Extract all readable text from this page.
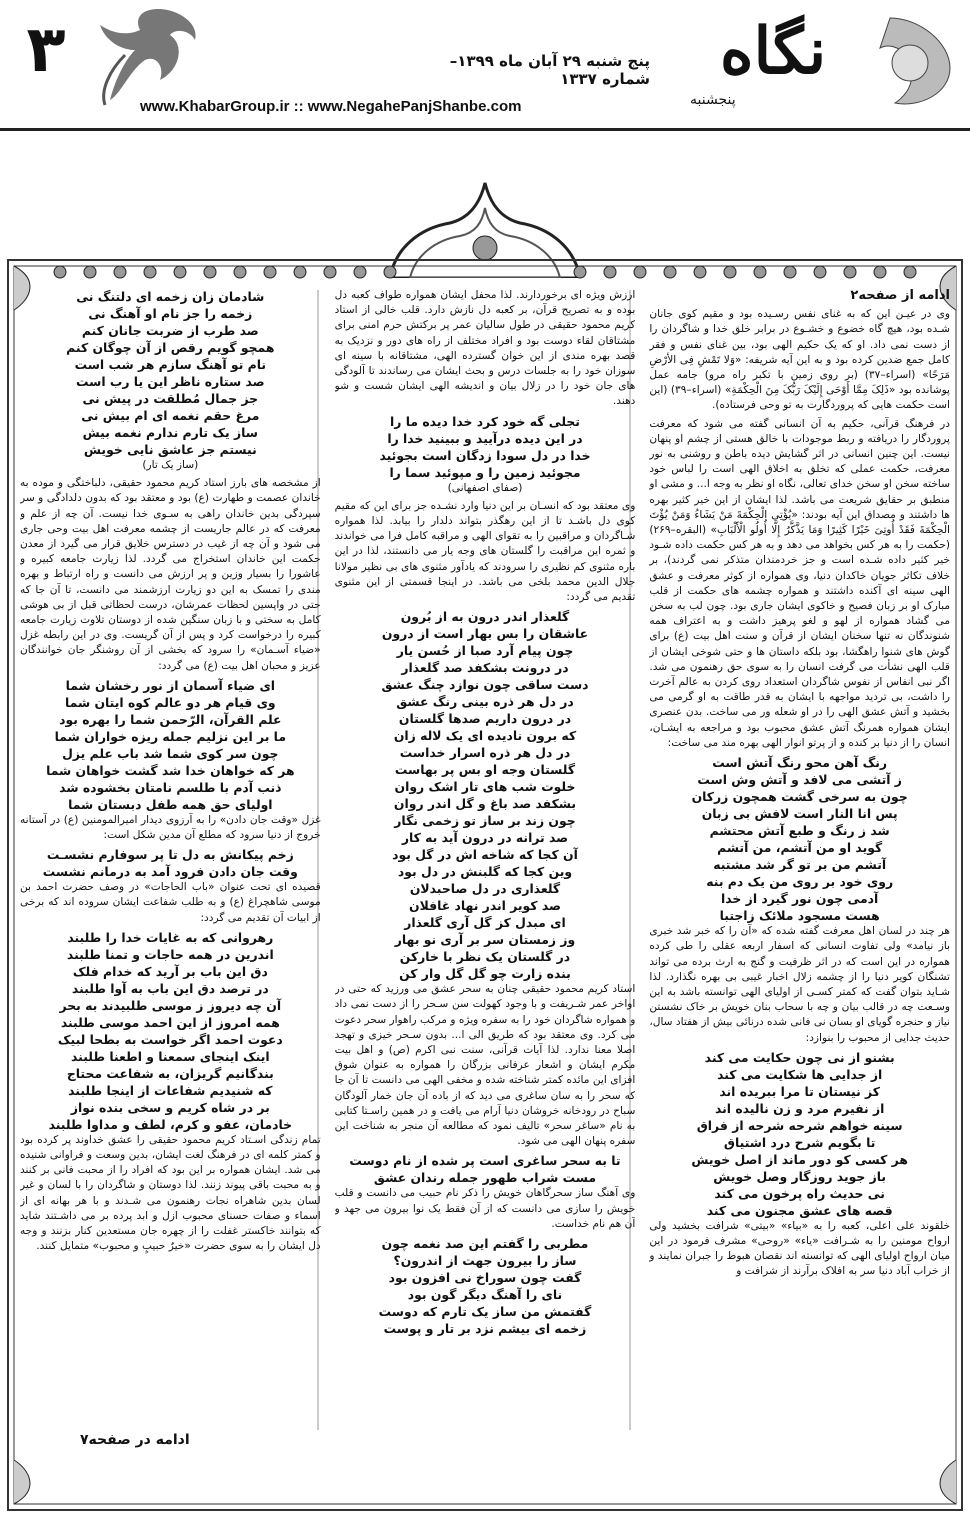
۳	پنج شنبه ۲۹ آبان ماه ۱۳۹۹– شماره ۱۳۳۷
www.KhabarGroup.ir :: www.NegahePanjShanbe.com
نگاه
پنجشنبه
ادامه از صفحه۲

وی در عیـن این که به غنای نفس رسـیده بود و مقیم کوی جانان شـده بود، هیچ گاه خضوع و خشـوع در برابر خلق خدا و شاگردان را از دست نمی داد. او که یک حکیم الهی بود، بین غنای نفس و فقر کامل جمع ضدین کرده بود و به این آیه شریفه: «وَلا تَمْشِ فِی الأرْضِ مَرَحًا» (اسراء–۳۷) (بر روی زمین با تکبر راه مرو) جامه عمل پوشانده بود «ذَلِکَ مِمَّا أَوْحَى إِلَيْکَ رَبُّکَ مِنَ الْحِکْمَةِ» (اسراء–۳۹) (این است حکمت هایی که پروردگارت به تو وحی فرستاده).

در فرهنگ قرآنی، حکیم به آن انسانی گفته می شود که معرفت پروردگار را دریافته و ربط موجودات با خالق هستی از چشم او پنهان نیست. این چنین انسانی در اثر گشایش دیده باطن و روشنی به نور معرفت، حکمت عملی که تخلق به اخلاق الهی است را لباس خود ساخته سخن او سخن خدای تعالی، نگاه او نظر به وجه ا... و مشی او منطبق بر حقایق شریعت می باشد. لذا ایشان از این خیر کثیر بهره ها داشتند و مصداق این آیه بودند: «یُؤْتِی الْحِکْمَةَ مَنْ یَشَاءُ وَمَنْ یُؤْتَ الْحِکْمَةَ فَقَدْ أُوتِیَ خَیْرًا کَثِیرًا وَمَا یَذَّکَّرُ إِلَّا أُولُو الْأَلْبَابِ» (البقره–۲۶۹) (حکمت را به هر کس بخواهد می دهد و به هر کس حکمت داده شـود خیر کثیر داده شـده است و جز خردمندان متذکر نمی گردند)، بر خلاف تکاثر جویان خاکدان دنیا، وی همواره از کوثر معرفت و عشق الهی سینه ای آکنده داشتند و همواره چشمه های حکمت از قلب مبارک او بر زبان فصیح و خاکوی ایشان جاری بود. چون لب به سخن می گشاد همواره از لهو و لغو پرهیز داشت و به اعتراف همه شنوندگان نه تنها سخنان ایشان از قرآن و سنت اهل بیت (ع) برای گوش های شنوا راهگشا، بود بلکه داستان ها و حتی شوخی ایشان از قلب الهی نشأت می گرفت انسان را به سوی حق رهنمون می شد. اگر نبی انفاس از نفوس شاگردان استعداد روی کردن به عالم آخرت را داشت، بی تردید مواجهه با ایشان به قدر طاقت به او گرمی می بخشید و آتش عشق الهی را در او شعله ور می ساخت. بدن عنصری ایشان همواره همرنگ آتش عشق محبوب بود و مراجعه به ایشـان، انسان را از دنیا بر کنده و از پرتو انوار الهی بهره مند می ساخت:

رنگ آهن محو رنگ آتش است

ز آتشی می لافد و آتش وش است

چون به سرخی گشت همچون زرکان

پس انا النار است لافش بی زبان

شد ز رنگ و طبع آتش محتشم

گوید او من آتشم، من آتشم

آتشم من بر تو گر شد مشتبه

روی خود بر روی من یک دم بنه

آدمی چون نور گیرد از خدا

هست مسجود ملائک زاجتبا

هر چند در لسان اهل معرفت گفته شده که «آن را که خبر شد خبری باز نیامد» ولی تفاوت انسانی که اسفار اربعه عقلی را طی کرده همواره در این است که در اثر ظرفیت و گنج به ارث برده می تواند تشنگان کویر دنیا را از چشمه زلال اخبار غیبی بی بهره نگذارد. لذا شـاید بتوان گفت که کمتر کسـی از اولیای الهی توانسته باشد به این وسـعت چه در قالب بیان و چه با سحاب بنان خویش بر خاک نشستن نیاز و حنجره گویای او بسان نی فانی شده درنائی بیش از هفتاد سال، حدیث جدایی از محبوب را بنوازد:

بشنو از نی چون حکایت می کند

از جدایی ها شکایت می کند

کز نیستان تا مرا ببریده اند

از نفیرم مرد و زن نالیده اند

سینه خواهم شرحه شرحه از فراق

تا بگویم شرح درد اشتیاق

هر کسی کو دور ماند از اصل خویش

باز جوید روزگار وصل خویش

نی حدیث راه پرخون می کند

قصه های عشق مجنون می کند

خلقوند علی اعلی، کعبه را به «بیاء» «بیتی» شرافت بخشید ولی ارواح مومنین را به شـرافت «یاء» «روحی» مشرف فرمود در این میان ارواح اولیای الهی که توانسته اند نقصان هبوط را جبران نمایند و از خراب آباد دنیا سر به افلاک برآرند از شرافت و

ارزش ویژه ای برخوردارند. لذا محفل ایشان همواره طواف کعبه دل بوده و به تصریح قرآن، بر کعبه دل نازش دارد. قلب خالی از استاد کریم محمود حقیقی در طول سالیان عمر پر برکتش حرم امنی برای مشتاقان لقاء دوست بود و افراد مختلف از راه های دور و نزدیک به قصد بهره مندی از این خوان گسترده الهی، مشتاقانه با سینه ای سوزان خود را به جلسات درس و بحث ایشان می رساندند تا آلودگی های جان خود را در زلال بیان و اندیشه الهی ایشان شست و شو دهند.

تجلی گه خود کرد خدا دیده ما را

در این دیده درآیید و ببینید خدا را

خدا در دل سودا زدگان است بجوئید

مجوئید زمین را و مپوئید سما را

(صفای اصفهانی)

وی معتقد بود که انسـان بر این دنیا وارد نشـده جز برای این که مقیم کوی دل باشـد تا از این رهگذر بتواند دلدار را بیابد. لذا همواره شـاگردان و مراقبین را به تقوای الهی و مراقبه کامل فرا می خواندند و ثمره این مراقبت را گلستان های وجه یار می دانستند، لذا در این باره مثنوی کم نظیری را سرودند که یادآور مثنوی های بی نظیر مولانا جلال الدین محمد بلخی می باشد. در اینجا قسمتی از این مثنوی تقدیم می گردد:

گلعذار اندر درون به از بُرون

عاشقان را بس بهار است از درون

چون پیام آرد صبا از حُسن یار

در درونت بشکفد صد گلعذار

دست ساقی چون نوازد چنگ عشق

در دل هر ذره بینی رنگ عشق

در درون داریم صدها گلستان

که برون نادیده ای یک لاله زان

در دل هر ذره اسرار خداست

گلستان وجه او بس پر بهاست

خلوت شب های تار اشک روان

بشکفد صد باغ و گل اندر روان

چون زند بر ساز تو زخمی نگار

صد ترانه در درون آید به کار

آن کجا که شاخه اش در گل بود

وین کجا که گلبنش در دل بود

گلعذاری در دل صاحبدلان

صد کویر اندر نهاد غافلان

ای مبدل کز گل آری گلعذار

وز زمستان سر بر آری نو بهار

در گلستان یک نظر با خارکن

بنده زارت چو گل گل وار کن

استاد کریم محمود حقیقی چنان به سحر عشق می ورزید که حتی در اواخر عمر شـریفت و با وجود کهولت سن سـحر را از دست نمی داد و همواره شاگردان خود را به سفره ویژه و مرکب راهوار سحر دعوت می کرد. وی معتقد بود که طریق الی ا... بدون سـحر خیزی و تهجد اصلا معنا ندارد. لذا آیات قرآنی، سنت نبی اکرم (ص) و اهل بیت مکرم ایشان و اشعار عرفانی بزرگان را همواره به عنوان شوق افزای این مائده کمتر شناخته شده و مخفی الهی می دانست تا آن جا که سحر را به سان ساغری می دید که از باده آن جان خمار آلودگان سباح در رودخانه خروشان دنیا آرام می یافت و در همین راسـتا کتابی به نام «ساغر سحر» تالیف نمود که مطالعه آن منجر به شناخت این سفره پنهان الهی می شود.

تا به سحر ساغری است پر شده از نام دوست

مست شراب طهور جمله رندان عشق

وی آهنگ ساز سحرگاهان خویش را ذکر نام حبیب می دانست و قلب خویش را سازی می دانست که از آن فقط یک نوا بیرون می جهد و آن هم نام خداست.

مطربی را گفتم این صد نغمه چون

ساز را بیرون جهت از اندرون؟

گفت چون سوراخ نی افزون بود

نای را آهنگ دیگر گون بود

گفتمش من ساز یک تارم که دوست

زخمه ای بیشم نزد بر تار و پوست

شادمان زان زخمه ای دلتنگ نی

زخمه را جز نام او آهنگ نی

صد طرب از ضربت جانان کنم

همچو گویم رقص از آن چوگان کنم

نام تو آهنگ سازم هر شب است

صد ستاره ناظر این یا رب است

جز جمال مُطلقت در پیش نی

مرغ حقم نغمه ای ام بیش نی

ساز یک تارم ندارم نغمه بیش

نیستم جز عاشق نایی خویش

(ساز یک تار)

از مشخصه های بارز استاد کریم محمود حقیقی، دلباختگی و موده به خاندان عصمت و طهارت (ع) بود و معتقد بود که بدون دلدادگی و سر سپردگی بدین خاندان راهی به سـوی خدا نیست. آن چه از علم و معرفت که در عالم جاریست از چشمه معرفت اهل بیت وحی جاری می شود و آن چه از غیب در دسترس خلایق قرار می گیرد از معدن حکمت این خاندان استخراج می گردد. لذا زیارت جامعه کبیره و عاشورا را بسیار وزین و پر ارزش می دانست و راه ارتباط و بهره مندی را تمسک به این دو زیارت ارزشمند می دانست، تا آن جا که حتی در واپسین لحظات عمرشان، درست لحظاتی قبل از بی هوشی کامل به سختی و با زبان سنگین شده از دوستان تلاوت زیارت جامعه کبیره را درخواست کرد و پس از آن گریست. وی در این رابطه غزل «ضیاء آسـمان» را سرود که بخشی از آن روشنگر جان خوانندگان عزیز و محبان اهل بیت (ع) می گردد:

ای ضیاء آسمان از نور رخشان شما

وی قیام هر دو عالم کوه ایتان شما

علم القرآن، الرّحمن شما را بهره بود

ما بر این نزلیم جمله ریزه خواران شما

چون سر کوی شما شد باب علم یزل

هر که خواهان خدا شد گشت خواهان شما

ذنب آدم با طلسم نامتان بخشوده شد

اولیای حق همه طفل دبستان شما

غزل «وقت جان دادن» را به آرزوی دیدار امیرالمومنین (ع) در آستانه خروج از دنیا سرود که مطلع آن مدین شکل است:

زخم پیکانش به دل تا پر سوفارم نشسـت

وقت جان دادن فرود آمد به درمانم نشست

قصیده ای تحت عنوان «باب الحاجات» در وصف حضرت احمد بن موسی شاهچراغ (ع) و به طلب شفاعت ایشان سروده اند که برخی از ابیات آن تقدیم می گردد:

رهروانی که به غایات خدا را طلبند

اندرین در همه حاجات و تمنا طلبند

دق این باب بر آرید که خدام فلک

در ترصد دق این باب به آوا طلبند

آن چه دیروز ز موسی طلبیدند به بحر

همه امروز از این احمد موسی طلبند

دعوت احمد اگر خواست به بطحا لبیک

اینک اینجای سمعنا و اطعنا طلبند

بندگانیم گریزان، به شفاعت محتاج

که شنیدیم شفاعات از اینجا طلبند

بر در شاه کریم و سخی بنده نواز

خادمان، عفو و کرم، لطف و مداوا طلبند

تمام زندگی اسـتاد کریم محمود حقیقی را عشق خداوند پر کرده بود و کمتر کلمه ای در فرهنگ لغت ایشان، بدین وسعت و فراوانی شنیده می شد. ایشان همواره بر این بود که افراد را از محبت فانی بر کنند و به محبت باقی پیوند زنند. لذا دوستان و شاگردان را با لسان و غیر لسان بدین شاهراه نجات رهنمون می شـدند و با هر بهانه ای از اسماء و صفات حسنای محبوب ازل و ابد پرده بر می داشـتند شاید که بتوانند خاکستر غفلت را از چهره جان مستعدین کنار بزنند و وجه دل ایشان را به سوی حضرت «خیرٌ حبیبٍ و محبوب» متمایل کنند.

ادامه در صفحه۷
